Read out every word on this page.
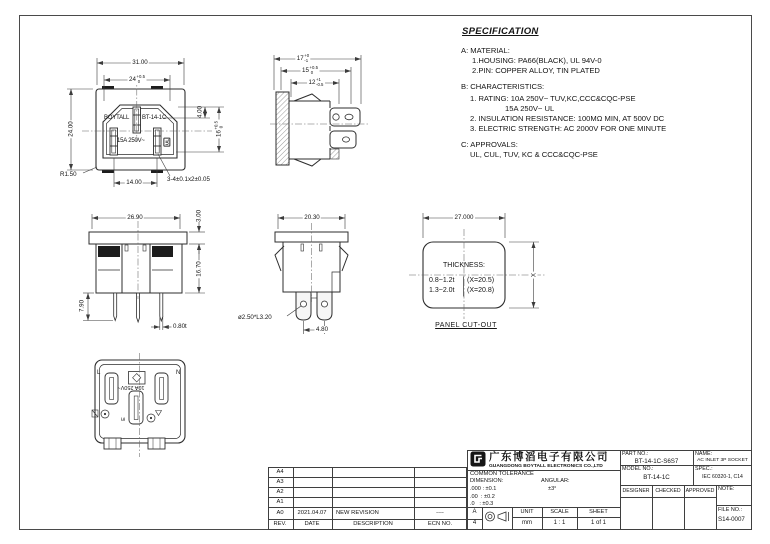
31.00
24 +0.5
0
24.00
4.00
16
+0.5 0
R1.50
14.00	3-4±0.1x2±0.05
BOYTALL BT-14-1C
15A 250V~	UL
17 +0
-1
15 +0.5
0
12 +1
-0.5
26.90	3.00
16.70
7.90
0.80t
20.30
ø2.50*L3.20
4.80
27.000
THICKNESS:
0.8~1.2t (X=20.5)
1.3~2.0t (X=20.8)
X
PANEL CUT-OUT
L	N
E
10A 250V~
SPECIFICATION
A: MATERIAL:
1.HOUSING: PA66(BLACK), UL 94V-0
2.PIN: COPPER ALLOY, TIN PLATED
B: CHARACTERISTICS:
1. RATING: 10A 250V~ TUV,KC,CCC&CQC-PSE
15A 250V~ UL
2. INSULATION RESISTANCE: 100MΩ MIN, AT 500V DC
3. ELECTRIC STRENGTH: AC 2000V FOR ONE MINUTE
C: APPROVALS:
UL, CUL, TUV, KC & CCC&CQC-PSE
A4
A3
A2
A1
A0 2021.04.07 NEW REVISION	----
REV.	DATE	DESCRIPTION	ECN NO.
广东博滔电子有限公司
GUANGDONG BOYTALL ELECTRONICS CO.,LTD
COMMON TOLERANCE
DIMENSION:	ANGULAR:
.000 : ±0.1	±3°
.00  : ±0.2
.0   : ±0.3
A
4
UNIT
mm
SCALE
1 : 1
SHEET
1 of 1
PART NO.:
BT-14-1C-S6S7
NAME:
AC INLET 3P SOCKET
MODEL NO.:
BT-14-1C
SPEC.:
IEC 60320-1, C14
DESIGNER CHECKED APPROVED NOTE:
FILE NO.:
S14-0007
